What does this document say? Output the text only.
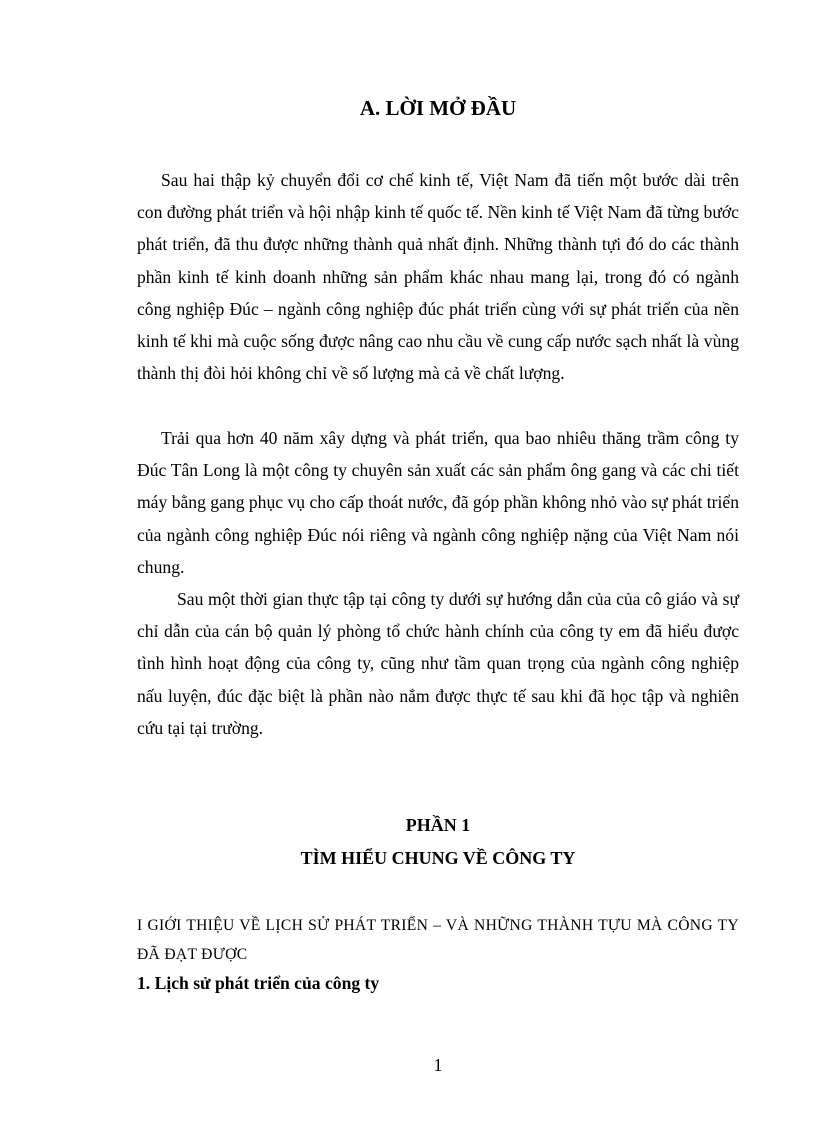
A. LỜI MỞ ĐẦU

Sau hai thập kỷ chuyển đổi cơ chế kinh tế, Việt Nam đã tiến một bước dài trên con đường phát triển và hội nhập kinh tế quốc tế. Nền kinh tế Việt Nam đã từng bước phát triển, đã thu được những thành quả nhất định. Những thành tựi đó do các thành phần kinh tế kinh doanh những sản phẩm khác nhau mang lại, trong đó có ngành công nghiệp Đúc – ngành công nghiệp đúc phát triển cùng với sự phát triển của nền kinh tế khi mà cuộc sống được nâng cao nhu cầu về cung cấp nước sạch nhất là vùng thành thị đòi hỏi không chỉ về số lượng mà cả về chất lượng.

Trải qua hơn 40 năm xây dựng và phát triển, qua bao nhiêu thăng trầm công ty Đúc Tân Long là một công ty chuyên sản xuất các sản phẩm ông gang và các chi tiết máy bằng gang phục vụ cho cấp thoát nước, đã góp phần không nhỏ vào sự phát triển của ngành công nghiệp Đúc nói riêng và ngành công nghiệp nặng của Việt Nam nói chung.

Sau một thời gian thực tập tại công ty dưới sự hướng dẫn của của cô giáo và sự chỉ dẫn của cán bộ quản lý phòng tổ chức hành chính của công ty em đã hiểu được tình hình hoạt động của công ty, cũng như tầm quan trọng của ngành công nghiệp nấu luyện, đúc đặc biệt là phần nào nắm được thực tế sau khi đã học tập và nghiên cứu tại tại trường.

PHẦN 1
TÌM HIỂU CHUNG VỀ CÔNG TY

I GIỚI THIỆU VỀ LỊCH SỬ PHÁT TRIỂN – VÀ NHỮNG THÀNH TỰU MÀ CÔNG TY ĐÃ ĐẠT ĐƯỢC

1. Lịch sử phát triển của công ty

1
